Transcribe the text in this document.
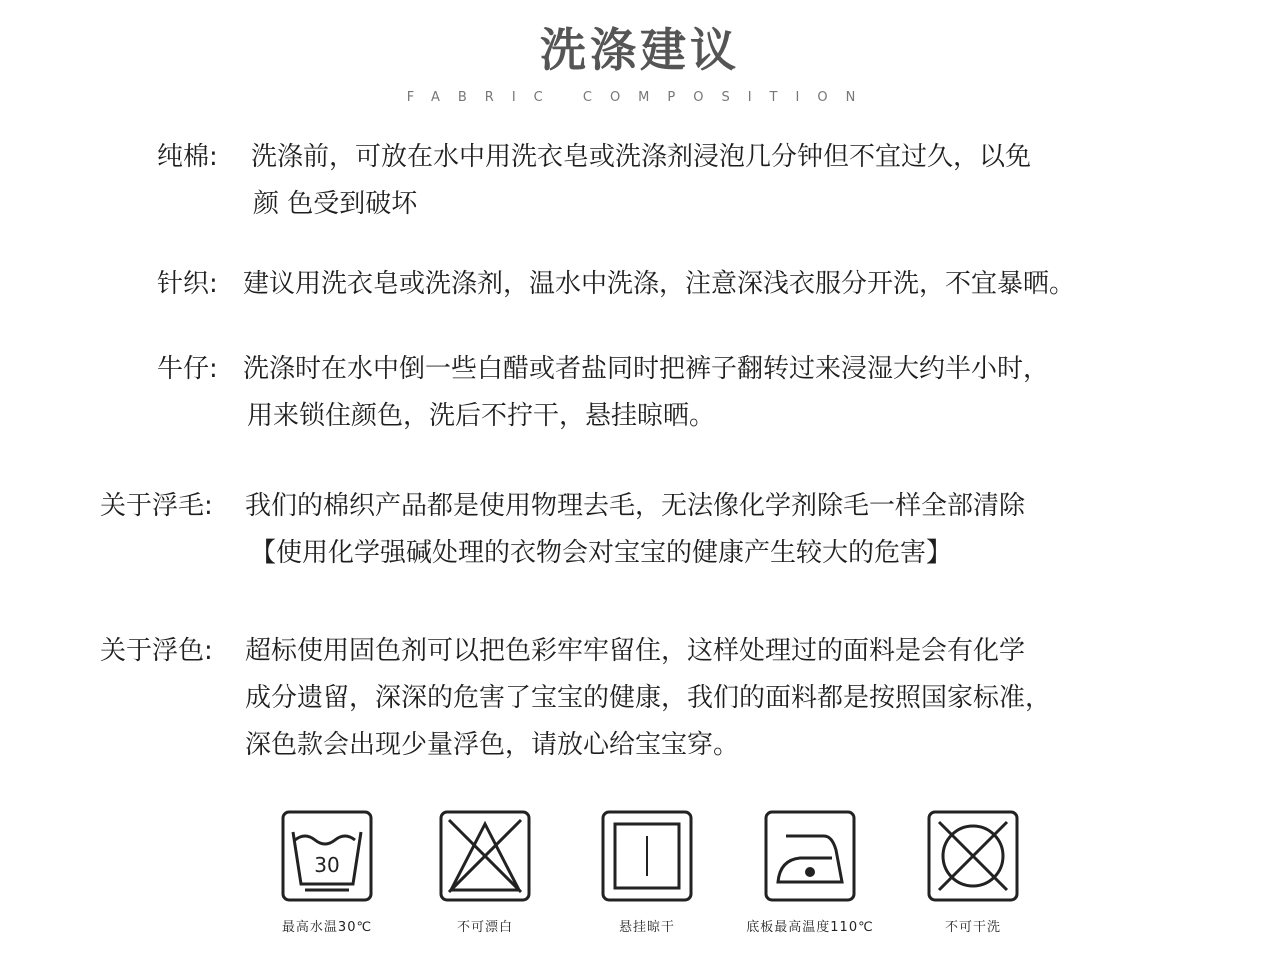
洗涤建议
FABRIC COMPOSITION
纯棉: 洗涤前，可放在水中用洗衣皂或洗涤剂浸泡几分钟但不宜过久，以免
颜 色受到破坏
针织: 建议用洗衣皂或洗涤剂，温水中洗涤，注意深浅衣服分开洗，不宜暴晒。
牛仔: 洗涤时在水中倒一些白醋或者盐同时把裤子翻转过来浸湿大约半小时，
用来锁住颜色，洗后不拧干，悬挂晾晒。
关于浮毛: 我们的棉织产品都是使用物理去毛，无法像化学剂除毛一样全部清除
【使用化学强碱处理的衣物会对宝宝的健康产生较大的危害】
关于浮色: 超标使用固色剂可以把色彩牢牢留住，这样处理过的面料是会有化学
成分遗留，深深的危害了宝宝的健康，我们的面料都是按照国家标准，
深色款会出现少量浮色，请放心给宝宝穿。
30
最高水温30℃	不可漂白	悬挂晾干	底板最高温度110℃	不可干洗
